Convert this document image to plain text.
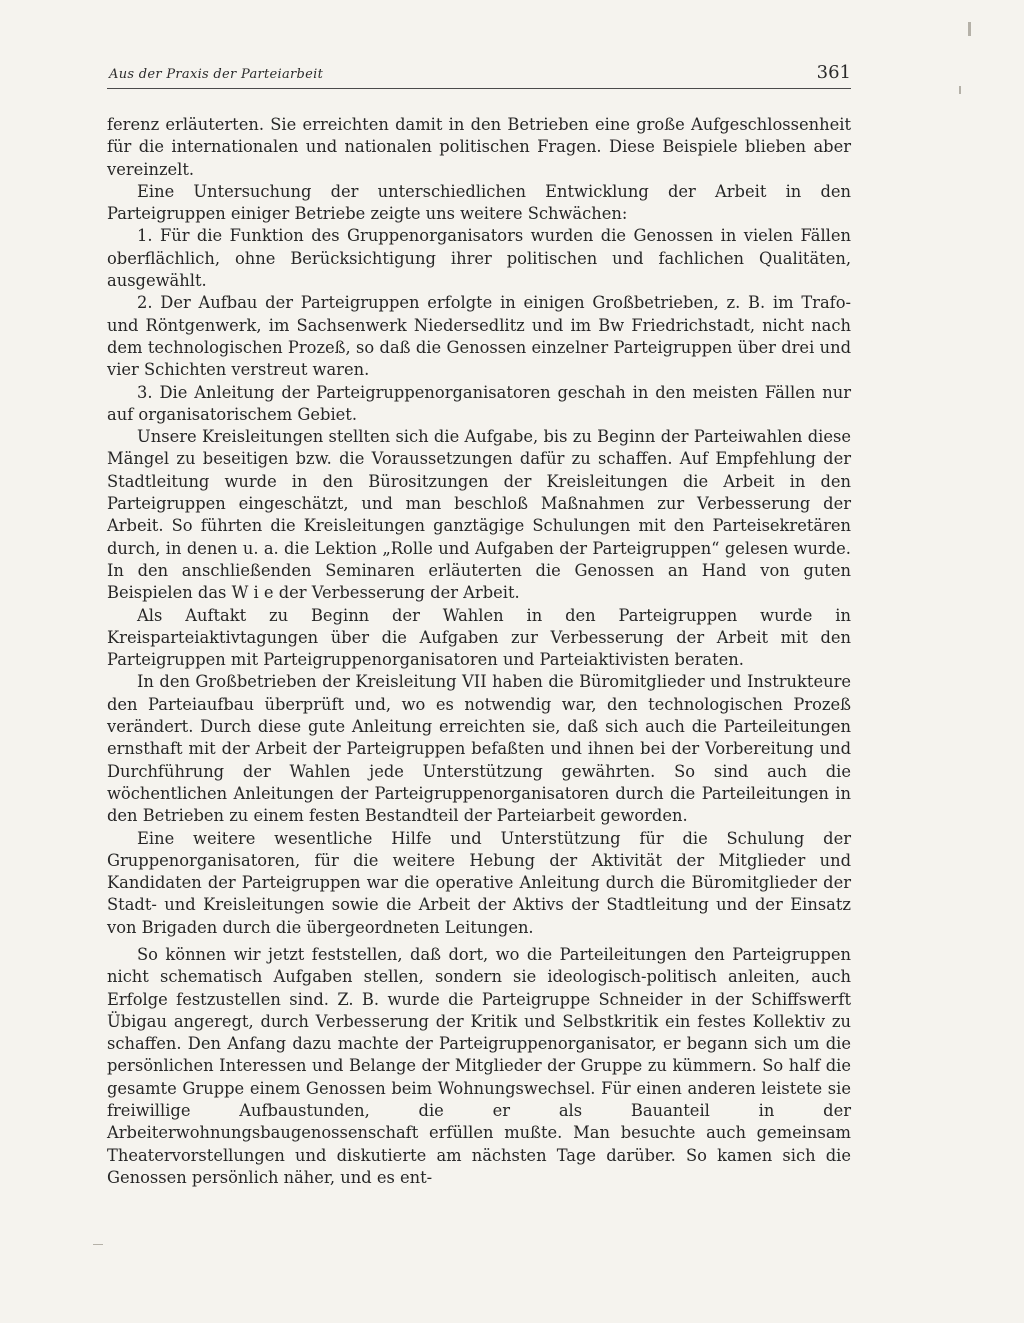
Aus der Praxis der Parteiarbeit	361

ferenz erläuterten. Sie erreichten damit in den Betrieben eine große Aufgeschlossenheit für die internationalen und nationalen politischen Fragen. Diese Beispiele blieben aber vereinzelt.

Eine Untersuchung der unterschiedlichen Entwicklung der Arbeit in den Parteigruppen einiger Betriebe zeigte uns weitere Schwächen:

1. Für die Funktion des Gruppenorganisators wurden die Genossen in vielen Fällen oberflächlich, ohne Berücksichtigung ihrer politischen und fachlichen Qualitäten, ausgewählt.

2. Der Aufbau der Parteigruppen erfolgte in einigen Großbetrieben, z. B. im Trafo- und Röntgenwerk, im Sachsenwerk Niedersedlitz und im Bw Friedrichstadt, nicht nach dem technologischen Prozeß, so daß die Genossen einzelner Parteigruppen über drei und vier Schichten verstreut waren.

3. Die Anleitung der Parteigruppenorganisatoren geschah in den meisten Fällen nur auf organisatorischem Gebiet.

Unsere Kreisleitungen stellten sich die Aufgabe, bis zu Beginn der Parteiwahlen diese Mängel zu beseitigen bzw. die Voraussetzungen dafür zu schaffen. Auf Empfehlung der Stadtleitung wurde in den Bürositzungen der Kreisleitungen die Arbeit in den Parteigruppen eingeschätzt, und man beschloß Maßnahmen zur Verbesserung der Arbeit. So führten die Kreisleitungen ganztägige Schulungen mit den Parteisekretären durch, in denen u. a. die Lektion „Rolle und Aufgaben der Parteigruppen“ gelesen wurde. In den anschließenden Seminaren erläuterten die Genossen an Hand von guten Beispielen das W i e der Verbesserung der Arbeit.

Als Auftakt zu Beginn der Wahlen in den Parteigruppen wurde in Kreisparteiaktivtagungen über die Aufgaben zur Verbesserung der Arbeit mit den Parteigruppen mit Parteigruppenorganisatoren und Parteiaktivisten beraten.

In den Großbetrieben der Kreisleitung VII haben die Büromitglieder und Instrukteure den Parteiaufbau überprüft und, wo es notwendig war, den technologischen Prozeß verändert. Durch diese gute Anleitung erreichten sie, daß sich auch die Parteileitungen ernsthaft mit der Arbeit der Parteigruppen befaßten und ihnen bei der Vorbereitung und Durchführung der Wahlen jede Unterstützung gewährten. So sind auch die wöchentlichen Anleitungen der Parteigruppenorganisatoren durch die Parteileitungen in den Betrieben zu einem festen Bestandteil der Parteiarbeit geworden.

Eine weitere wesentliche Hilfe und Unterstützung für die Schulung der Gruppenorganisatoren, für die weitere Hebung der Aktivität der Mitglieder und Kandidaten der Parteigruppen war die operative Anleitung durch die Büromitglieder der Stadt- und Kreisleitungen sowie die Arbeit der Aktivs der Stadtleitung und der Einsatz von Brigaden durch die übergeordneten Leitungen.

So können wir jetzt feststellen, daß dort, wo die Parteileitungen den Parteigruppen nicht schematisch Aufgaben stellen, sondern sie ideologisch-politisch anleiten, auch Erfolge festzustellen sind. Z. B. wurde die Parteigruppe Schneider in der Schiffswerft Übigau angeregt, durch Verbesserung der Kritik und Selbstkritik ein festes Kollektiv zu schaffen. Den Anfang dazu machte der Parteigruppenorganisator, er begann sich um die persönlichen Interessen und Belange der Mitglieder der Gruppe zu kümmern. So half die gesamte Gruppe einem Genossen beim Wohnungswechsel. Für einen anderen leistete sie freiwillige Aufbaustunden, die er als Bauanteil in der Arbeiterwohnungsbaugenossenschaft erfüllen mußte. Man besuchte auch gemeinsam Theatervorstellungen und diskutierte am nächsten Tage darüber. So kamen sich die Genossen persönlich näher, und es ent-
